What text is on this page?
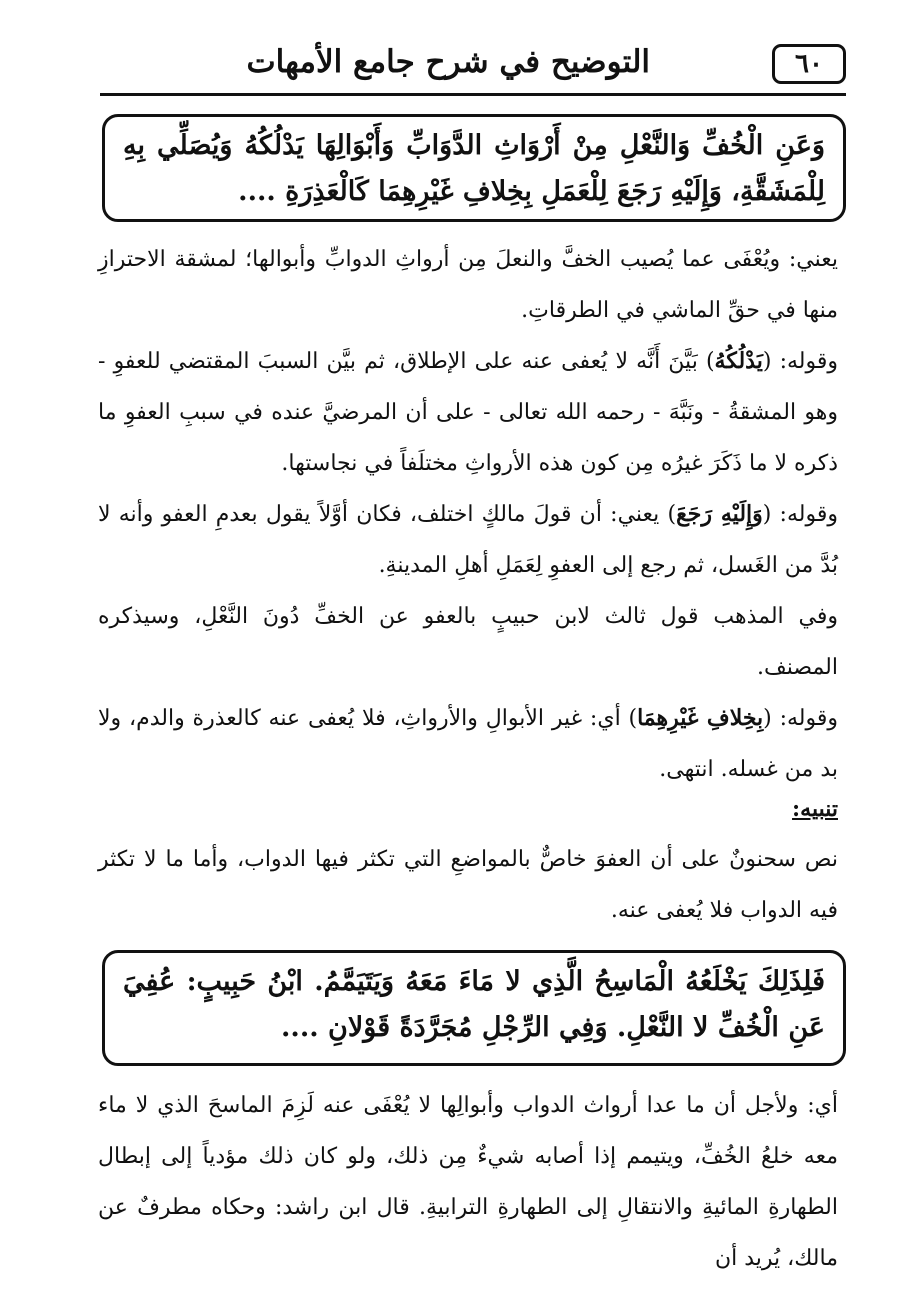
التوضيح في شرح جامع الأمهات	٦٠
وَعَنِ الْخُفِّ وَالنَّعْلِ مِنْ أَرْوَاثِ الدَّوَابِّ وَأَبْوَالِهَا يَدْلُكُهُ وَيُصَلِّي بِهِ لِلْمَشَقَّةِ، وَإِلَيْهِ رَجَعَ لِلْعَمَلِ بِخِلافِ غَيْرِهِمَا كَالْعَذِرَةِ ....
يعني: ويُعْفَى عما يُصيب الخفَّ والنعلَ مِن أرواثِ الدوابِّ وأبوالها؛ لمشقة الاحترازِ منها في حقِّ الماشي في الطرقاتِ.
وقوله: (يَدْلُكُهُ) بَيَّنَ أَنَّه لا يُعفى عنه على الإطلاق، ثم بيَّن السببَ المقتضي للعفوِ - وهو المشقةُ - ونَبَّهَ - رحمه الله تعالى - على أن المرضيَّ عنده في سببِ العفوِ ما ذكره لا ما ذَكَرَ غيرُه مِن كون هذه الأرواثِ مختلَفاً في نجاستها.
وقوله: (وَإِلَيْهِ رَجَعَ) يعني: أن قولَ مالكٍ اختلف، فكان أوَّلاً يقول بعدمِ العفو وأنه لا بُدَّ من الغَسل، ثم رجع إلى العفوِ لِعَمَلِ أهلِ المدينةِ.
وفي المذهب قول ثالث لابن حبيبٍ بالعفو عن الخفِّ دُونَ النَّعْلِ، وسيذكره المصنف.
وقوله: (بِخِلافِ غَيْرِهِمَا) أي: غير الأبوالِ والأرواثِ، فلا يُعفى عنه كالعذرة والدم، ولا بد من غسله. انتهى.
تنبيه:
نص سحنونٌ على أن العفوَ خاصٌّ بالمواضعِ التي تكثر فيها الدواب، وأما ما لا تكثر فيه الدواب فلا يُعفى عنه.
فَلِذَلِكَ يَخْلَعُهُ الْمَاسِحُ الَّذِي لا مَاءَ مَعَهُ وَيَتَيَمَّمُ. ابْنُ حَبِيبٍ: عُفِيَ عَنِ الْخُفِّ لا النَّعْلِ. وَفِي الرِّجْلِ مُجَرَّدَةً قَوْلانِ ....
أي: ولأجل أن ما عدا أرواث الدواب وأبوالِها لا يُعْفَى عنه لَزِمَ الماسحَ الذي لا ماء معه خلعُ الخُفِّ، ويتيمم إذا أصابه شيءٌ مِن ذلك، ولو كان ذلك مؤدياً إلى إبطال الطهارةِ المائيةِ والانتقالِ إلى الطهارةِ الترابيةِ. قال ابن راشد: وحكاه مطرفٌ عن مالك، يُريد أن
